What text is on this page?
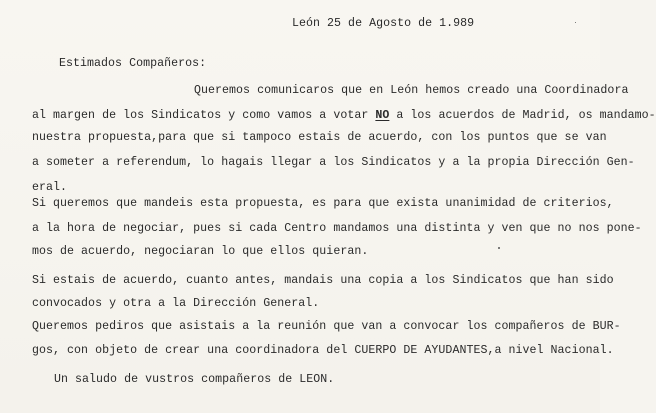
León 25 de Agosto de 1.989
Estimados Compañeros:
Queremos comunicaros que en León hemos creado una Coordinadora
al margen de los Sindicatos y como vamos a votar NO a los acuerdos de Madrid, os mandamo-
nuestra propuesta,para que si tampoco estais de acuerdo, con los puntos que se van
a someter a referendum, lo hagais llegar a los Sindicatos y a la propia Dirección Gen-
eral.
Si queremos que mandeis esta propuesta, es para que exista unanimidad de criterios,
a la hora de negociar, pues si cada Centro mandamos una distinta y ven que no nos pone-
mos de acuerdo, negociaran lo que ellos quieran.
Si estais de acuerdo, cuanto antes, mandais una copia a los Sindicatos que han sido
convocados y otra a la Dirección General.
Queremos pediros que asistais a la reunión que van a convocar los compañeros de BUR-
gos, con objeto de crear una coordinadora del CUERPO DE AYUDANTES,a nivel Nacional.
Un saludo de vustros compañeros de LEON.
